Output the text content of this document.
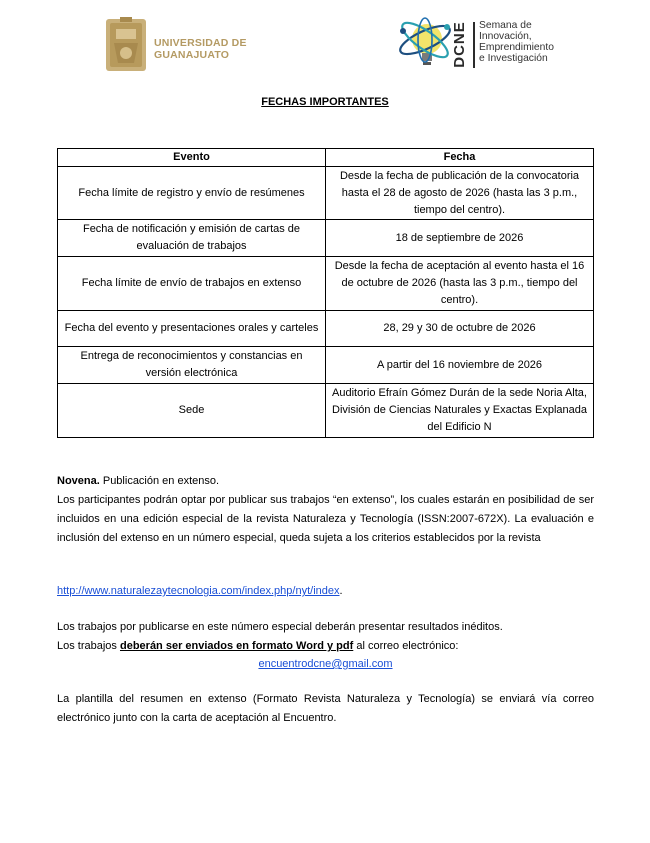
UNIVERSIDAD DE
GUANAJUATO	DCNE Semana de
Innovación,
Emprendimiento
e Investigación
FECHAS IMPORTANTES
Evento	Fecha
Fecha límite de registro y envío de resúmenes	Desde la fecha de publicación de la convocatoria hasta el 28 de agosto de 2026 (hasta las 3 p.m., tiempo del centro).
Fecha de notificación y emisión de cartas de evaluación de trabajos	18 de septiembre de 2026
Fecha límite de envío de trabajos en extenso	Desde la fecha de aceptación al evento hasta el 16 de octubre de 2026 (hasta las 3 p.m., tiempo del centro).
Fecha del evento y presentaciones orales y carteles	28, 29 y 30 de octubre de 2026
Entrega de reconocimientos y constancias en versión electrónica	A partir del 16 noviembre de 2026
Sede	Auditorio Efraín Gómez Durán de la sede Noria Alta, División de Ciencias Naturales y Exactas Explanada del Edificio N
Novena. Publicación en extenso.
Los participantes podrán optar por publicar sus trabajos “en extenso”, los cuales estarán en posibilidad de ser incluidos en una edición especial de la revista Naturaleza y Tecnología (ISSN:2007-672X). La evaluación e inclusión del extenso en un número especial, queda sujeta a los criterios establecidos por la revista
http://www.naturalezaytecnologia.com/index.php/nyt/index.
Los trabajos por publicarse en este número especial deberán presentar resultados inéditos.
Los trabajos deberán ser enviados en formato Word y pdf al correo electrónico:
encuentrodcne@gmail.com
La plantilla del resumen en extenso (Formato Revista Naturaleza y Tecnología) se enviará vía correo electrónico junto con la carta de aceptación al Encuentro.
